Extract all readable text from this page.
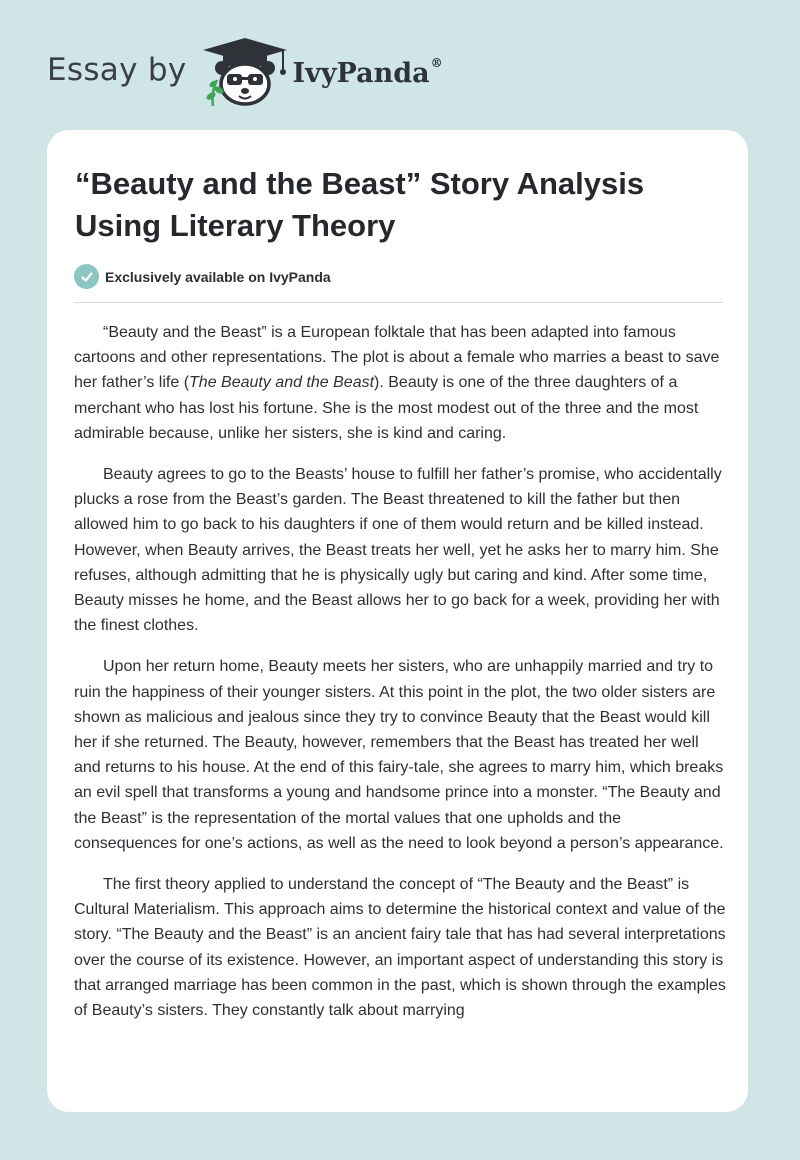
Essay by	IvyPanda®
“Beauty and the Beast” Story Analysis Using Literary Theory
Exclusively available on IvyPanda

“Beauty and the Beast” is a European folktale that has been adapted into famous cartoons and other representations. The plot is about a female who marries a beast to save her father’s life (The Beauty and the Beast). Beauty is one of the three daughters of a merchant who has lost his fortune. She is the most modest out of the three and the most admirable because, unlike her sisters, she is kind and caring.

Beauty agrees to go to the Beasts’ house to fulfill her father’s promise, who accidentally plucks a rose from the Beast’s garden. The Beast threatened to kill the father but then allowed him to go back to his daughters if one of them would return and be killed instead. However, when Beauty arrives, the Beast treats her well, yet he asks her to marry him. She refuses, although admitting that he is physically ugly but caring and kind. After some time, Beauty misses he home, and the Beast allows her to go back for a week, providing her with the finest clothes.

Upon her return home, Beauty meets her sisters, who are unhappily married and try to ruin the happiness of their younger sisters. At this point in the plot, the two older sisters are shown as malicious and jealous since they try to convince Beauty that the Beast would kill her if she returned. The Beauty, however, remembers that the Beast has treated her well and returns to his house. At the end of this fairy-tale, she agrees to marry him, which breaks an evil spell that transforms a young and handsome prince into a monster. “The Beauty and the Beast” is the representation of the mortal values that one upholds and the consequences for one’s actions, as well as the need to look beyond a person’s appearance.

The first theory applied to understand the concept of “The Beauty and the Beast” is Cultural Materialism. This approach aims to determine the historical context and value of the story. “The Beauty and the Beast” is an ancient fairy tale that has had several interpretations over the course of its existence. However, an important aspect of understanding this story is that arranged marriage has been common in the past, which is shown through the examples of Beauty’s sisters. They constantly talk about marrying
